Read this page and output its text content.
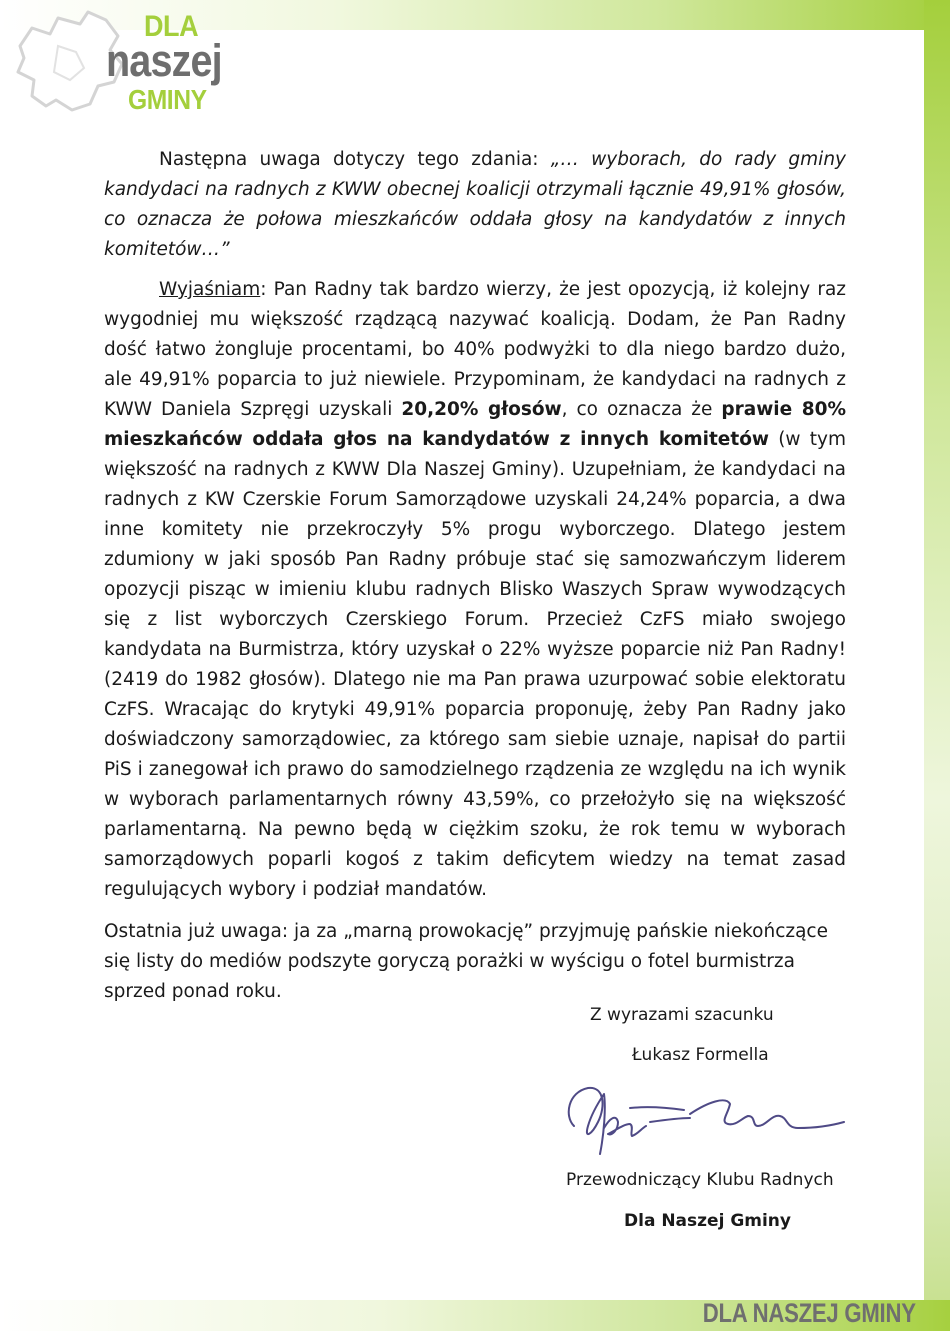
DLA NASZEJ GMINY
DLA
naszej
GMINY

Następna uwaga dotyczy tego zdania: „… wyborach, do rady gminy kandydaci na radnych z KWW obecnej koalicji otrzymali łącznie 49,91% głosów, co oznacza że połowa mieszkańców oddała głosy na kandydatów z innych komitetów…”

Wyjaśniam: Pan Radny tak bardzo wierzy, że jest opozycją, iż kolejny raz wygodniej mu większość rządzącą nazywać koalicją. Dodam, że Pan Radny dość łatwo żongluje procentami, bo 40% podwyżki to dla niego bardzo dużo, ale 49,91% poparcia to już niewiele. Przypominam, że kandydaci na radnych z KWW Daniela Szpręgi uzyskali 20,20% głosów, co oznacza że prawie 80% mieszkańców oddała głos na kandydatów z innych komitetów (w tym większość na radnych z KWW Dla Naszej Gminy). Uzupełniam, że kandydaci na radnych z KW Czerskie Forum Samorządowe uzyskali 24,24% poparcia, a dwa inne komitety nie przekroczyły 5% progu wyborczego. Dlatego jestem zdumiony w jaki sposób Pan Radny próbuje stać się samozwańczym liderem opozycji pisząc w imieniu klubu radnych Blisko Waszych Spraw wywodzących się z list wyborczych Czerskiego Forum. Przecież CzFS miało swojego kandydata na Burmistrza, który uzyskał o 22% wyższe poparcie niż Pan Radny! (2419 do 1982 głosów). Dlatego nie ma Pan prawa uzurpować sobie elektoratu CzFS. Wracając do krytyki 49,91% poparcia proponuję, żeby Pan Radny jako doświadczony samorządowiec, za którego sam siebie uznaje, napisał do partii PiS i zanegował ich prawo do samodzielnego rządzenia ze względu na ich wynik w wyborach parlamentarnych równy 43,59%, co przełożyło się na większość parlamentarną. Na pewno będą w ciężkim szoku, że rok temu w wyborach samorządowych poparli kogoś z takim deficytem wiedzy na temat zasad regulujących wybory i podział mandatów.

Ostatnia już uwaga: ja za „marną prowokację” przyjmuję pańskie niekończące się listy do mediów podszyte goryczą porażki w wyścigu o fotel burmistrza sprzed ponad roku.

Z wyrazami szacunku
Łukasz Formella
Przewodniczący Klubu Radnych
Dla Naszej Gminy
